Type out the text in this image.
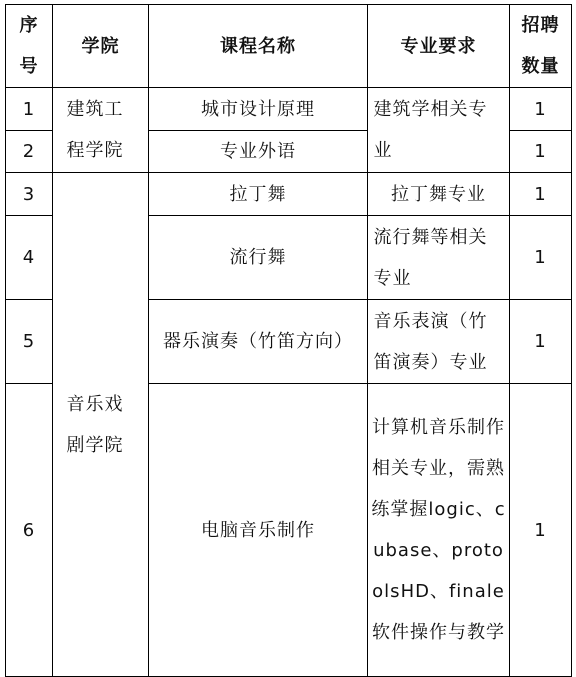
序号	学院	课程名称	专业要求	招聘数量
1	建筑工程学院	城市设计原理	建筑学相关专业	1
2		专业外语		1
3	音乐戏剧学院	拉丁舞	拉丁舞专业	1
4		流行舞	流行舞等相关专业	1
5		器乐演奏（竹笛方向）	音乐表演（竹笛演奏）专业	1
6		电脑音乐制作	计算机音乐制作相关专业，需熟练掌握logic、cubase、protoolsHD、finale软件操作与教学	1
